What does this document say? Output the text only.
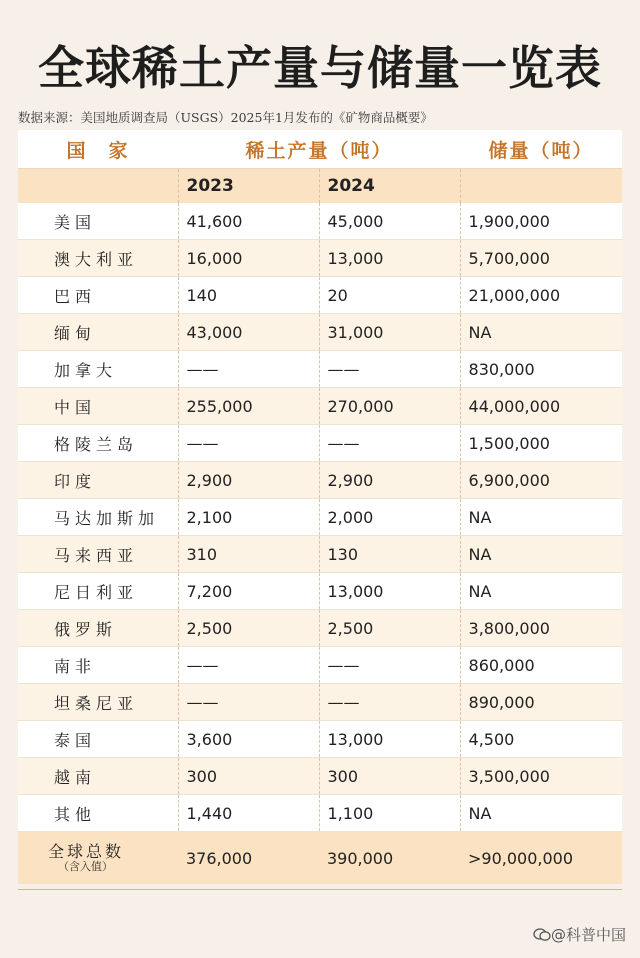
全球稀土产量与储量一览表
数据来源：美国地质调查局（USGS）2025年1月发布的《矿物商品概要》
国　家	稀土产量（吨）		储量（吨）
	2023	2024	
美国	41,600	45,000	1,900,000
澳大利亚	16,000	13,000	5,700,000
巴西	140	20	21,000,000
缅甸	43,000	31,000	NA
加拿大	——	——	830,000
中国	255,000	270,000	44,000,000
格陵兰岛	——	——	1,500,000
印度	2,900	2,900	6,900,000
马达加斯加	2,100	2,000	NA
马来西亚	310	130	NA
尼日利亚	7,200	13,000	NA
俄罗斯	2,500	2,500	3,800,000
南非	——	——	860,000
坦桑尼亚	——	——	890,000
泰国	3,600	13,000	4,500
越南	300	300	3,500,000
其他	1,440	1,100	NA

全球总数
（含入值）	376,000	390,000	>90,000,000
@科普中国
